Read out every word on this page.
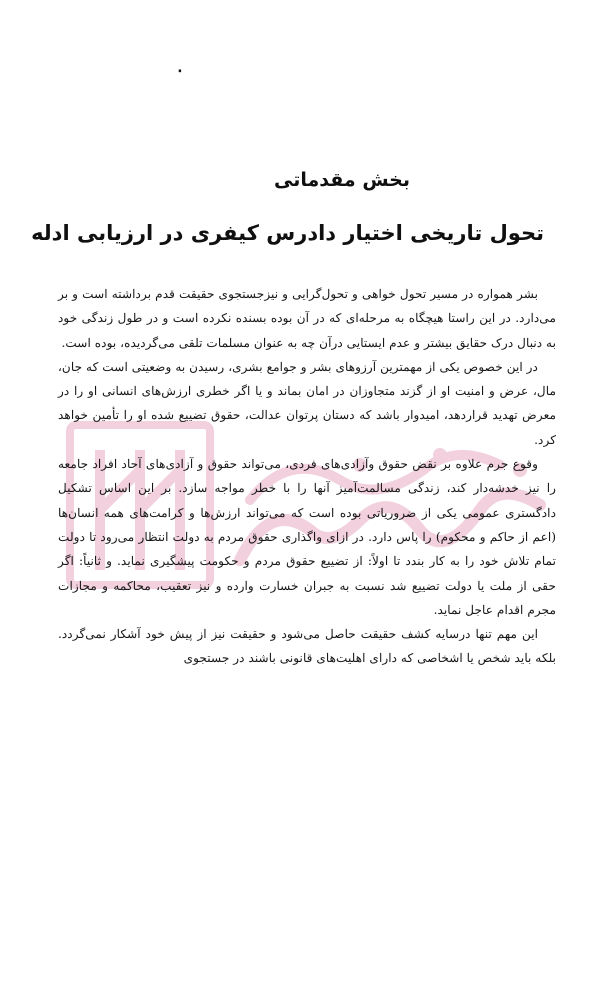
۰
بخش مقدماتی
تحول تاریخی اختیار دادرس کیفری در ارزیابی ادله

بشر همواره در مسیر تحول خواهی و تحول‌گرایی و نیزجستجوی حقیقت قدم برداشته است و بر می‌دارد. در این راستا هیچگاه به مرحله‌ای که در آن بوده بسنده نکرده است و در طول زندگی خود به دنبال درک حقایق بیشتر و عدم ایستایی درآن چه به عنوان مسلمات تلقی می‌گردیده، بوده است.

در این خصوص یکی از مهمترین آرزوهای بشر و جوامع بشری، رسیدن به وضعیتی است که جان، مال، عرض و امنیت او از گزند متجاوزان در امان بماند و یا اگر خطری ارزش‌های انسانی او را در معرض تهدید قراردهد، امیدوار باشد که دستان پرتوان عدالت، حقوق تضییع شده او را تأمین خواهد کرد.

وقوع جرم علاوه بر نقض حقوق وآزادی‌های فردی، می‌تواند حقوق و آزادی‌های آحاد افراد جامعه را نیز خدشه‌دار کند، زندگی مسالمت‌آمیز آنها را با خطر مواجه سازد. بر این اساس تشکیل دادگستری عمومی یکی از ضروریاتی بوده است که می‌تواند ارزش‌ها و کرامت‌های همه انسان‌ها (اعم از حاکم و محکوم) را پاس دارد. در ازای واگذاری حقوق مردم به دولت انتظار می‌رود تا دولت تمام تلاش خود را به کار بندد تا اولاً: از تضییع حقوق مردم و حکومت پیشگیری نماید. و ثانیاً: اگر حقی از ملت یا دولت تضییع شد نسبت به جبران خسارت وارده و نیز تعقیب، محاکمه و مجازات مجرم اقدام عاجل نماید.

این مهم تنها درسایه کشف حقیقت حاصل می‌شود و حقیقت نیز از پیش خود آشکار نمی‌گردد. بلکه باید شخص یا اشخاصی که دارای اهلیت‌های قانونی باشند در جستجوی
